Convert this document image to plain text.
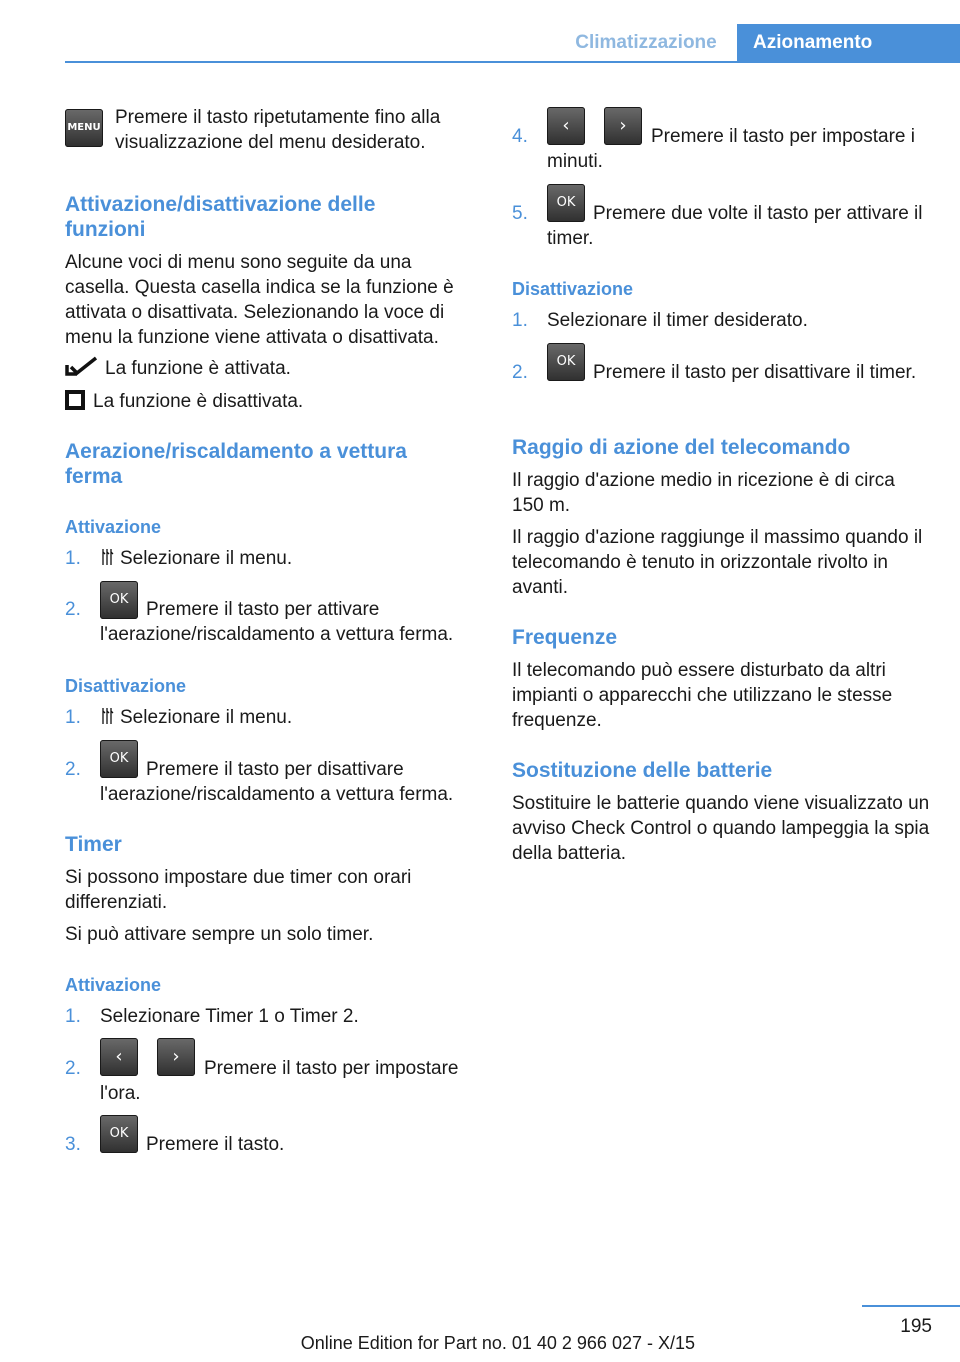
Climatizzazione	Azionamento
MENU Premere il tasto ripetutamente fino alla visualizzazione del menu desiderato.
Attivazione/disattivazione delle funzioni
Alcune voci di menu sono seguite da una casella. Questa casella indica se la funzione è attivata o disattivata. Selezionando la voce di menu la funzione viene attivata o disattivata.
La funzione è attivata.
La funzione è disattivata.
Aerazione/riscaldamento a vettura ferma
Attivazione
1. Selezionare il menu.
2.	OK Premere il tasto per attivare l'aerazione/riscaldamento a vettura ferma.
Disattivazione
1. Selezionare il menu.
2.
OK
Premere il tasto per disattivare l'aerazione/riscaldamento a vettura ferma.
Timer
Si possono impostare due timer con orari differenziati.
Si può attivare sempre un solo timer.
Attivazione
1. Selezionare Timer 1 o Timer 2.
2.
‹	›
Premere il tasto per impostare l'ora.
3.
OK
Premere il tasto.
4.
‹	›
Premere il tasto per impostare i minuti.
5.
OK
Premere due volte il tasto per attivare il timer.
Disattivazione
1. Selezionare il timer desiderato.
2.
OK
Premere il tasto per disattivare il timer.
Raggio di azione del telecomando
Il raggio d'azione medio in ricezione è di circa 150 m.
Il raggio d'azione raggiunge il massimo quando il telecomando è tenuto in orizzontale rivolto in avanti.
Frequenze
Il telecomando può essere disturbato da altri impianti o apparecchi che utilizzano le stesse frequenze.
Sostituzione delle batterie
Sostituire le batterie quando viene visualizzato un avviso Check Control o quando lampeggia la spia della batteria.
195
Online Edition for Part no. 01 40 2 966 027 - X/15
